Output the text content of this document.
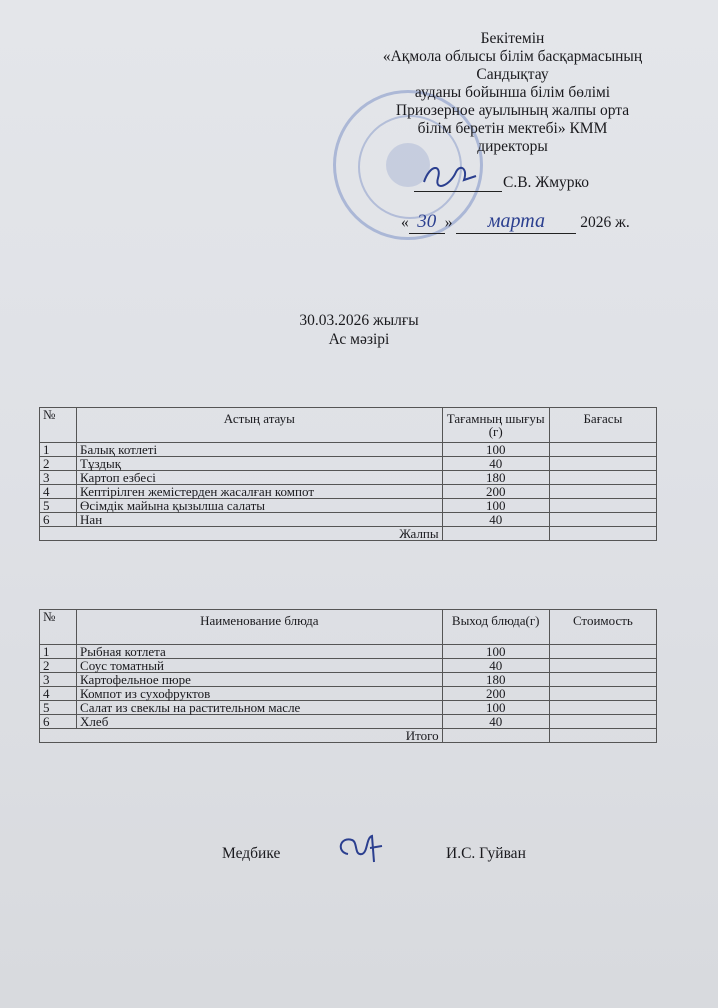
Бекітемін
«Ақмола облысы білім басқармасының
Сандықтау
ауданы бойынша білім бөлімі
Приозерное ауылының жалпы орта
білім беретін мектебі» КММ
директоры
С.В. Жмурко
« 30 » марта 2026 ж.
30.03.2026 жылғы
Ас мәзірі
№	Астың атауы	Тағамның шығуы (г)	Бағасы
1	Балық котлеті	100	
2	Тұздық	40	
3	Картоп езбесі	180	
4	Кептірілген жемістерден жасалған компот	200	
5	Өсімдік майына қызылша салаты	100	
6	Нан	40	
Жалпы			
№	Наименование блюда	Выход блюда(г)	Стоимость
1	Рыбная котлета	100	
2	Соус томатный	40	
3	Картофельное пюре	180	
4	Компот из сухофруктов	200	
5	Салат из свеклы на растительном масле	100	
6	Хлеб	40	
Итого			
Медбике	И.С. Гуйван
